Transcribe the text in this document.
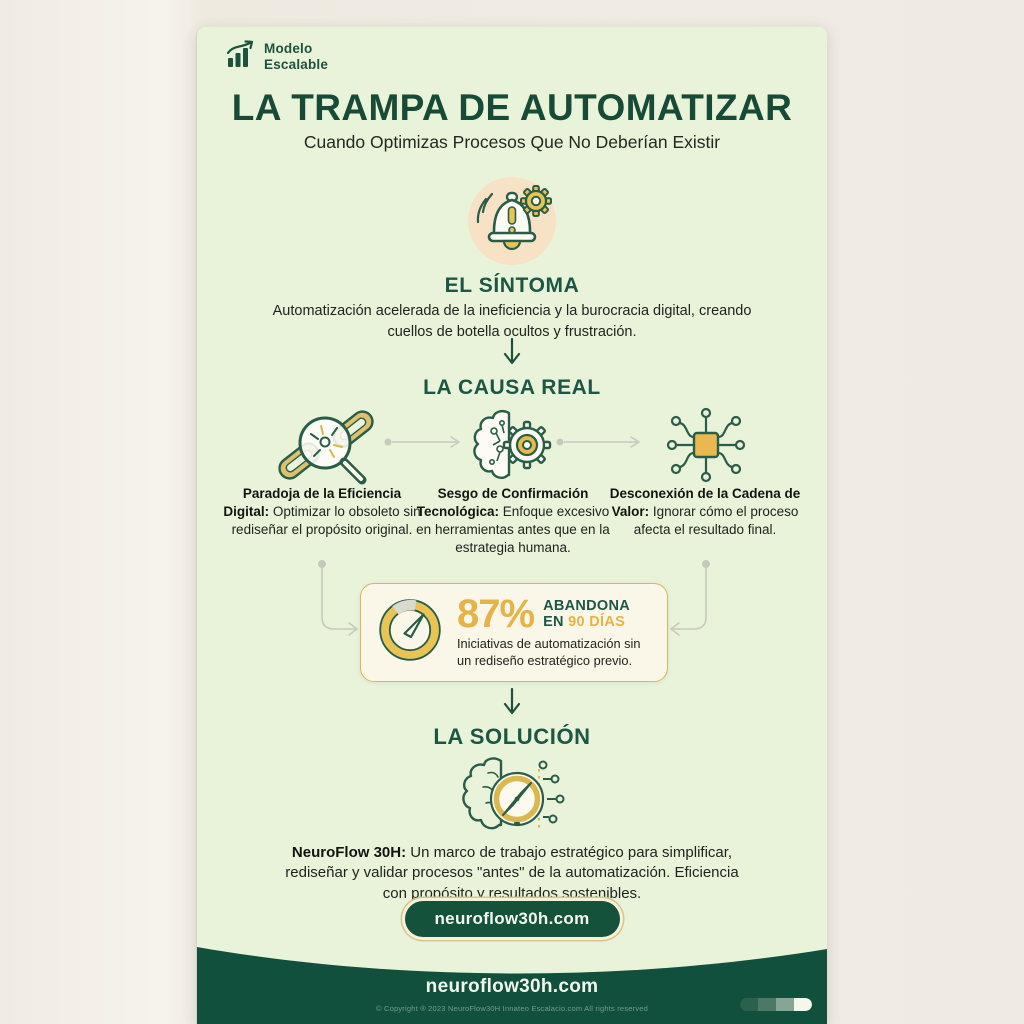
Modelo
Escalable
LA TRAMPA DE AUTOMATIZAR
Cuando Optimizas Procesos Que No Deberían Existir
EL SÍNTOMA
Automatización acelerada de la ineficiencia y la burocracia digital, creando cuellos de botella ocultos y frustración.
LA CAUSA REAL
Paradoja de la Eficiencia Digital: Optimizar lo obsoleto sin rediseñar el propósito original.
Sesgo de Confirmación Tecnológica: Enfoque excesivo en herramientas antes que en la estrategia humana.
Desconexión de la Cadena de Valor: Ignorar cómo el proceso afecta el resultado final.
87% ABANDONA
EN 90 DÍAS
Iniciativas de automatización sin un rediseño estratégico previo.
LA SOLUCIÓN
NeuroFlow 30H: Un marco de trabajo estratégico para simplificar, rediseñar y validar procesos "antes" de la automatización. Eficiencia con propósito y resultados sostenibles.
neuroflow30h.com
neuroflow30h.com
© Copyright ® 2023 NeuroFlow30H Innateo Escalacio.com All rights reserved
